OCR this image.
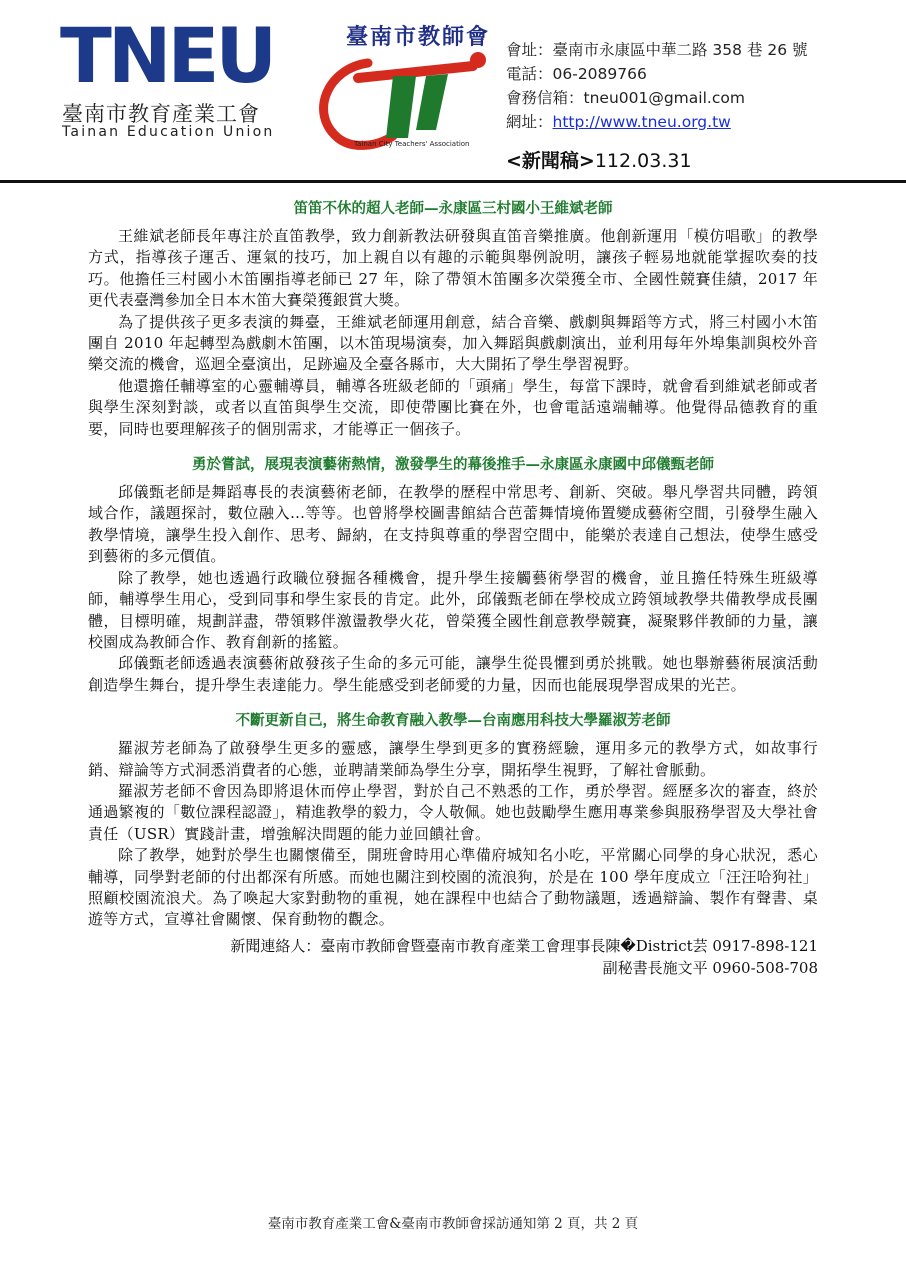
TNEU
臺南市教育產業工會
Tainan Education Union
臺南市教師會
Tainan City Teachers' Association
會址：臺南市永康區中華二路 358 巷 26 號
電話：06-2089766
會務信箱：tneu001@gmail.com
網址：http://www.tneu.org.tw
<新聞稿>112.03.31
笛笛不休的超人老師—永康區三村國小王維斌老師

王維斌老師長年專注於直笛教學，致力創新教法研發與直笛音樂推廣。他創新運用「模仿唱歌」的教學方式，指導孩子運舌、運氣的技巧，加上親自以有趣的示範與舉例說明，讓孩子輕易地就能掌握吹奏的技巧。他擔任三村國小木笛團指導老師已 27 年，除了帶領木笛團多次榮獲全市、全國性競賽佳績，2017 年更代表臺灣參加全日本木笛大賽榮獲銀賞大獎。

為了提供孩子更多表演的舞臺，王維斌老師運用創意，結合音樂、戲劇與舞蹈等方式，將三村國小木笛團自 2010 年起轉型為戲劇木笛團，以木笛現場演奏，加入舞蹈與戲劇演出，並利用每年外埠集訓與校外音樂交流的機會，巡迴全臺演出，足跡遍及全臺各縣市，大大開拓了學生學習視野。

他還擔任輔導室的心靈輔導員，輔導各班級老師的「頭痛」學生，每當下課時，就會看到維斌老師或者與學生深刻對談，或者以直笛與學生交流，即使帶團比賽在外，也會電話遠端輔導。他覺得品德教育的重要，同時也要理解孩子的個別需求，才能導正一個孩子。

勇於嘗試，展現表演藝術熱情，激發學生的幕後推手—永康區永康國中邱儀甄老師

邱儀甄老師是舞蹈專長的表演藝術老師，在教學的歷程中常思考、創新、突破。舉凡學習共同體，跨領域合作，議題探討，數位融入…等等。也曾將學校圖書館結合芭蕾舞情境佈置變成藝術空間，引發學生融入教學情境，讓學生投入創作、思考、歸納，在支持與尊重的學習空間中，能樂於表達自己想法，使學生感受到藝術的多元價值。

除了教學，她也透過行政職位發掘各種機會，提升學生接觸藝術學習的機會，並且擔任特殊生班級導師，輔導學生用心，受到同事和學生家長的肯定。此外，邱儀甄老師在學校成立跨領域教學共備教學成長團體，目標明確，規劃詳盡，帶領夥伴激盪教學火花，曾榮獲全國性創意教學競賽，凝聚夥伴教師的力量，讓校園成為教師合作、教育創新的搖籃。

邱儀甄老師透過表演藝術啟發孩子生命的多元可能，讓學生從畏懼到勇於挑戰。她也舉辦藝術展演活動創造學生舞台，提升學生表達能力。學生能感受到老師愛的力量，因而也能展現學習成果的光芒。

不斷更新自己，將生命教育融入教學—台南應用科技大學羅淑芳老師

羅淑芳老師為了啟發學生更多的靈感，讓學生學到更多的實務經驗，運用多元的教學方式，如故事行銷、辯論等方式洞悉消費者的心態，並聘請業師為學生分享，開拓學生視野，了解社會脈動。

羅淑芳老師不會因為即將退休而停止學習，對於自己不熟悉的工作，勇於學習。經歷多次的審查，終於通過繁複的「數位課程認證」，精進教學的毅力，令人敬佩。她也鼓勵學生應用專業參與服務學習及大學社會責任（USR）實踐計畫，增強解決問題的能力並回饋社會。

除了教學，她對於學生也關懷備至，開班會時用心準備府城知名小吃，平常關心同學的身心狀況，悉心輔導，同學對老師的付出都深有所感。而她也關注到校園的流浪狗，於是在 100 學年度成立「汪汪哈狗社」照顧校園流浪犬。為了喚起大家對動物的重視，她在課程中也結合了動物議題，透過辯論、製作有聲書、桌遊等方式，宣導社會關懷、保育動物的觀念。

新聞連絡人：臺南市教師會暨臺南市教育產業工會理事長陳�District芸 0917-898-121
副秘書長施文平 0960-508-708
臺南市教育產業工會&臺南市教師會採訪通知第 2 頁，共 2 頁
